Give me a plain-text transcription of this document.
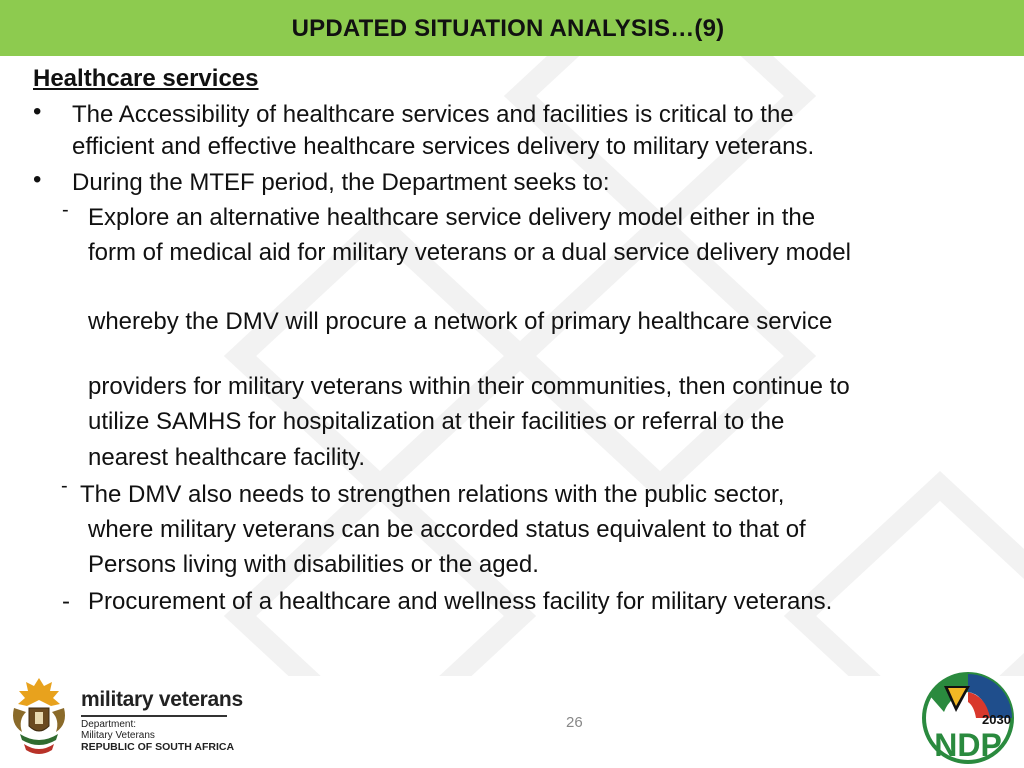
UPDATED SITUATION ANALYSIS…(9)
Healthcare services
• The Accessibility of healthcare services and facilities is critical to the
efficient and effective healthcare services delivery to military veterans.
• During the MTEF period, the Department seeks to:
- Explore an alternative healthcare service delivery model either in the
form of medical aid for military veterans or a dual service delivery model
whereby the DMV will procure a network of primary healthcare service
providers for military veterans within their communities, then continue to
utilize SAMHS for hospitalization at their facilities or referral to the
nearest healthcare facility.
- The DMV also needs to strengthen relations with the public sector,
where military veterans can be accorded status equivalent to that of
Persons living with disabilities or the aged.
- Procurement of a healthcare and wellness facility for military veterans.
military veterans
Department:
Military Veterans
REPUBLIC OF SOUTH AFRICA
26	2030
NDP
